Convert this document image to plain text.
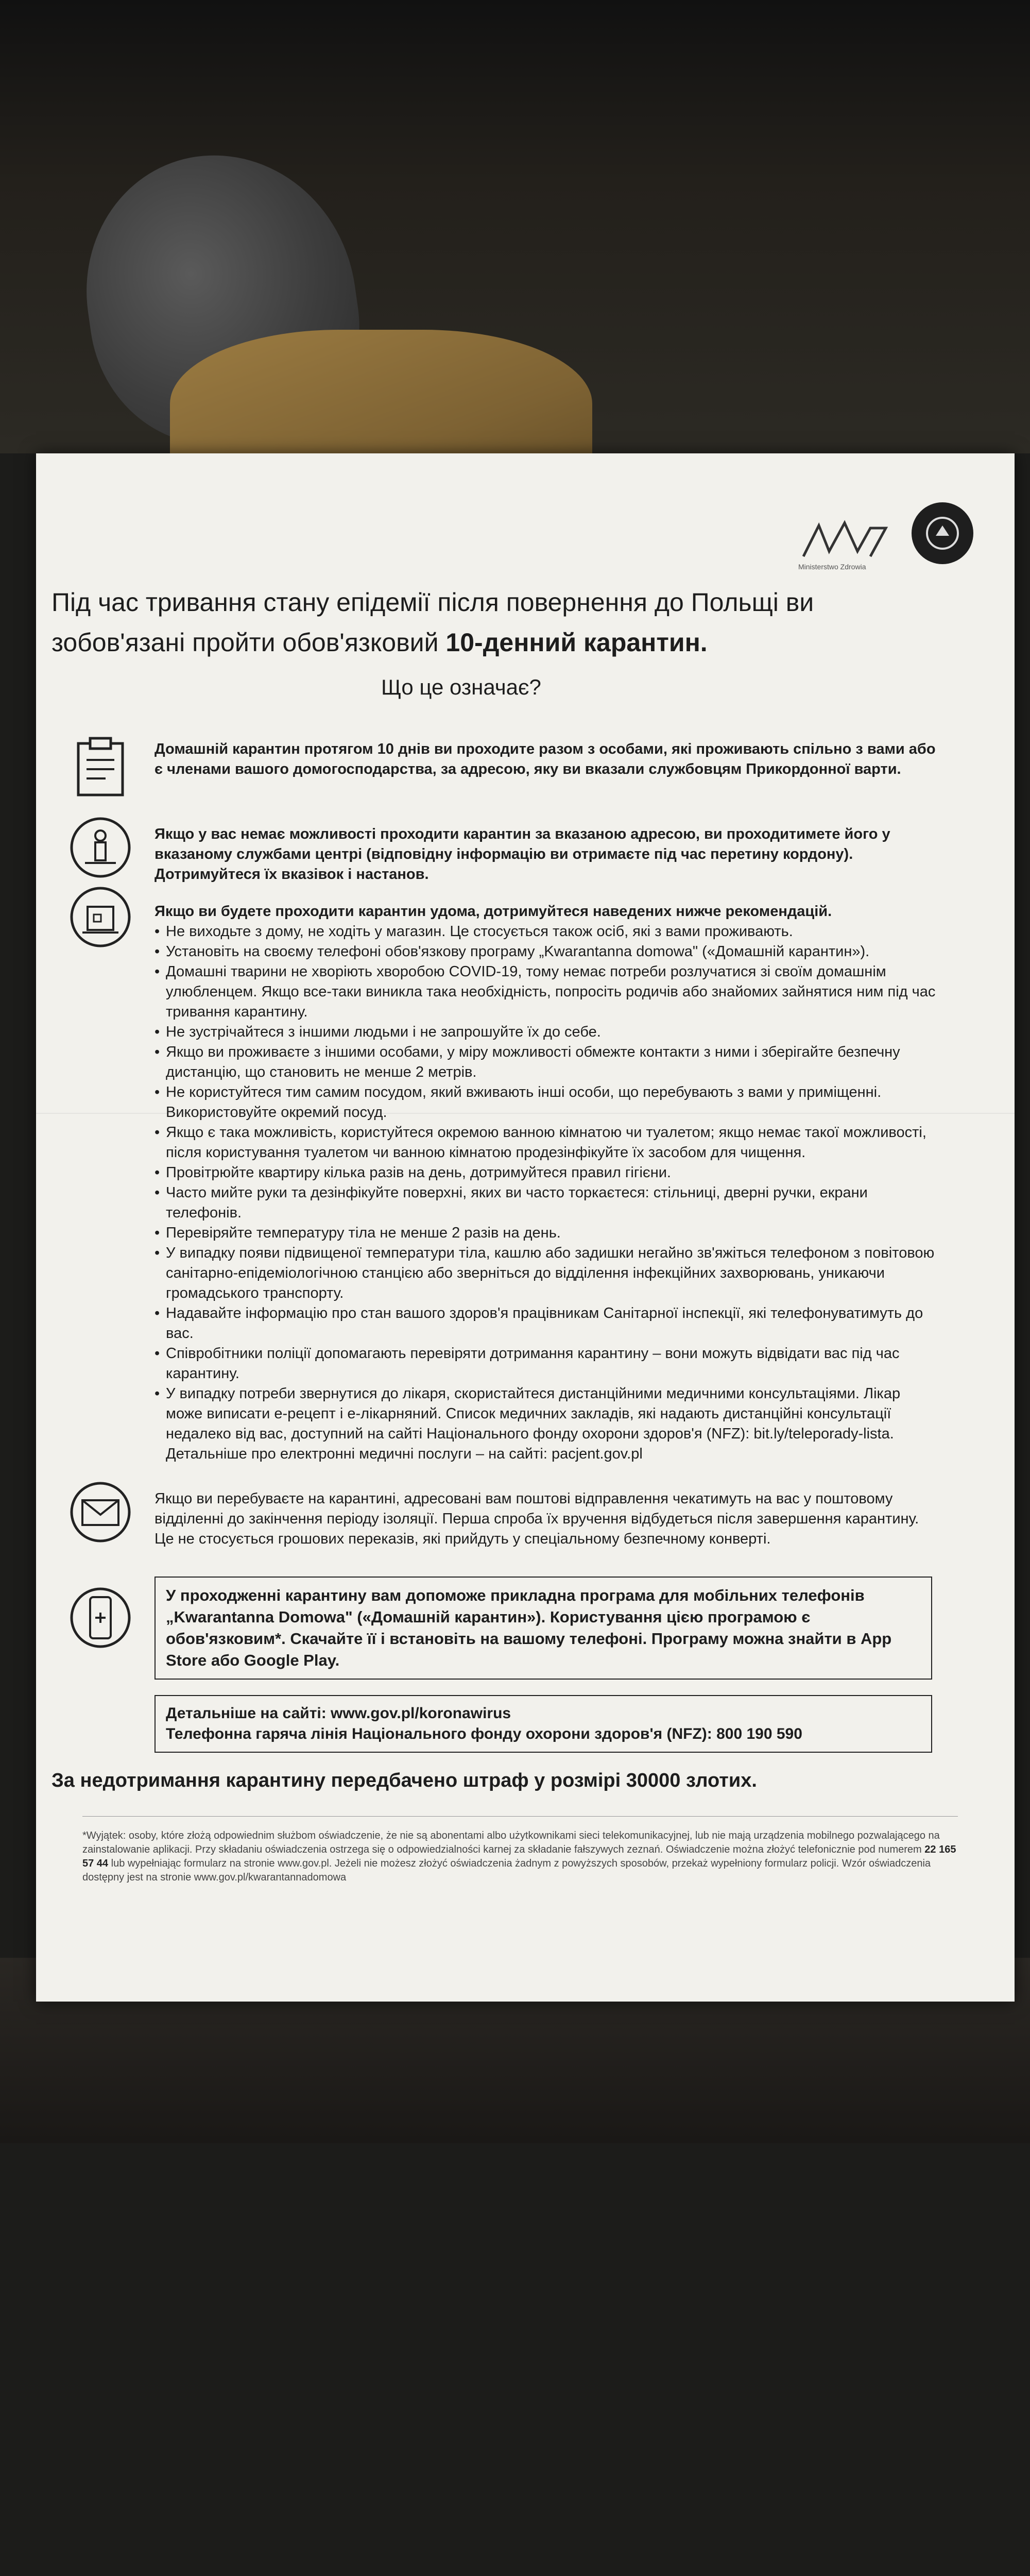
Ministerstwo Zdrowia
Під час тривання стану епідемії після повернення до Польщі ви зобов'язані пройти обов'язковий 10-денний карантин.
Що це означає?
Домашній карантин протягом 10 днів ви проходите разом з особами, які проживають спільно з вами або є членами вашого домогосподарства, за адресою, яку ви вказали службовцям Прикордонної варти.
Якщо у вас немає можливості проходити карантин за вказаною адресою, ви проходитимете його у вказаному службами центрі (відповідну інформацію ви отримаєте під час перетину кордону). Дотримуйтеся їх вказівок і настанов.

Якщо ви будете проходити карантин удома, дотримуйтеся наведених нижче рекомендацій.

• Не виходьте з дому, не ходіть у магазин. Це стосується також осіб, які з вами проживають.
• Установіть на своєму телефоні обов'язкову програму „Kwarantanna domowa" («Домашній карантин»).
• Домашні тварини не хворіють хворобою COVID-19, тому немає потреби розлучатися зі своїм домашнім улюбленцем. Якщо все-таки виникла така необхідність, попросіть родичів або знайомих зайнятися ним під час тривання карантину.
• Не зустрічайтеся з іншими людьми і не запрошуйте їх до себе.
• Якщо ви проживаєте з іншими особами, у міру можливості обмежте контакти з ними і зберігайте безпечну дистанцію, що становить не менше 2 метрів.
• Не користуйтеся тим самим посудом, який вживають інші особи, що перебувають з вами у приміщенні. Використовуйте окремий посуд.
• Якщо є така можливість, користуйтеся окремою ванною кімнатою чи туалетом; якщо немає такої можливості, після користування туалетом чи ванною кімнатою продезінфікуйте їх засобом для чищення.
• Провітрюйте квартиру кілька разів на день, дотримуйтеся правил гігієни.
• Часто мийте руки та дезінфікуйте поверхні, яких ви часто торкаєтеся: стільниці, дверні ручки, екрани телефонів.
• Перевіряйте температуру тіла не менше 2 разів на день.
• У випадку появи підвищеної температури тіла, кашлю або задишки негайно зв'яжіться телефоном з повітовою санітарно-епідеміологічною станцією або зверніться до відділення інфекційних захворювань, уникаючи громадського транспорту.
• Надавайте інформацію про стан вашого здоров'я працівникам Санітарної інспекції, які телефонуватимуть до вас.
• Співробітники поліції допомагають перевіряти дотримання карантину – вони можуть відвідати вас під час карантину.
• У випадку потреби звернутися до лікаря, скористайтеся дистанційними медичними консультаціями. Лікар може виписати е-рецепт і е-лікарняний. Список медичних закладів, які надають дистанційні консультації недалеко від вас, доступний на сайті Національного фонду охорони здоров'я (NFZ): bit.ly/teleporady-lista. Детальніше про електронні медичні послуги – на сайті: pacjent.gov.pl
Якщо ви перебуваєте на карантині, адресовані вам поштові відправлення чекатимуть на вас у поштовому відділенні до закінчення періоду ізоляції. Перша спроба їх вручення відбудеться після завершення карантину. Це не стосується грошових переказів, які прийдуть у спеціальному безпечному конверті.
У проходженні карантину вам допоможе прикладна програма для мобільних телефонів „Kwarantanna Domowa" («Домашній карантин»). Користування цією програмою є обов'язковим*. Скачайте її і встановіть на вашому телефоні. Програму можна знайти в App Store або Google Play.
Детальніше на сайті: www.gov.pl/koronawirus
Телефонна гаряча лінія Національного фонду охорони здоров'я (NFZ): 800 190 590
За недотримання карантину передбачено штраф у розмірі 30000 злотих.
*Wyjątek: osoby, które złożą odpowiednim służbom oświadczenie, że nie są abonentami albo użytkownikami sieci telekomunikacyjnej, lub nie mają urządzenia mobilnego pozwalającego na zainstalowanie aplikacji. Przy składaniu oświadczenia ostrzega się o odpowiedzialności karnej za składanie fałszywych zeznań. Oświadczenie można złożyć telefonicznie pod numerem 22 165 57 44 lub wypełniając formularz na stronie www.gov.pl. Jeżeli nie możesz złożyć oświadczenia żadnym z powyższych sposobów, przekaż wypełniony formularz policji. Wzór oświadczenia dostępny jest na stronie www.gov.pl/kwarantannadomowa
